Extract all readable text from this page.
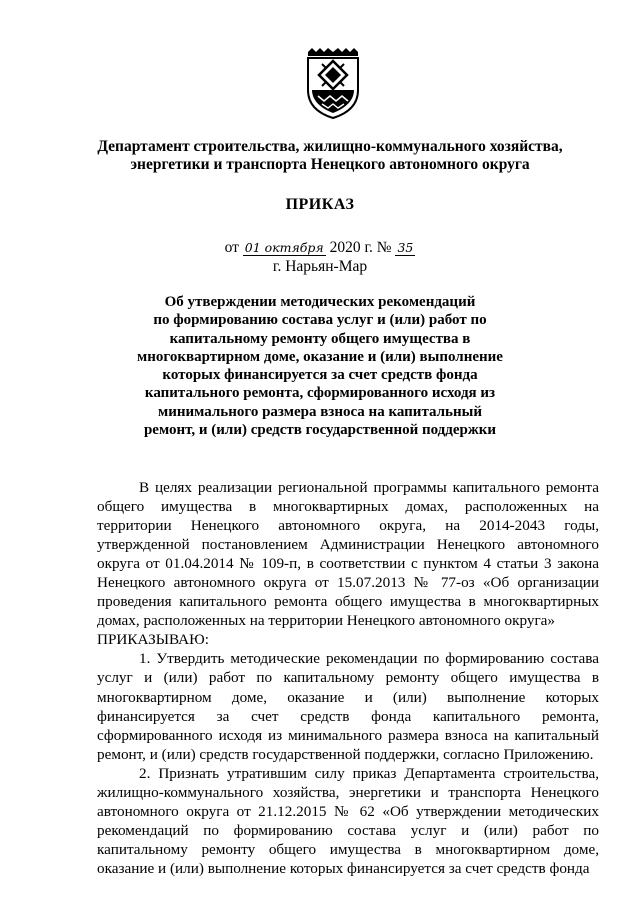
Департамент строительства, жилищно-коммунального хозяйства,
энергетики и транспорта Ненецкого автономного округа
ПРИКАЗ
от 01 октября 2020 г. № 35
г. Нарьян-Мар
Об утверждении методических рекомендаций
по формированию состава услуг и (или) работ по
капитальному ремонту общего имущества в
многоквартирном доме, оказание и (или) выполнение
которых финансируется за счет средств фонда
капитального ремонта, сформированного исходя из
минимального размера взноса на капитальный
ремонт, и (или) средств государственной поддержки

В целях реализации региональной программы капитального ремонта общего имущества в многоквартирных домах, расположенных на территории Ненецкого автономного округа, на 2014-2043 годы, утвержденной постановлением Администрации Ненецкого автономного округа от 01.04.2014 № 109-п, в соответствии с пунктом 4 статьи 3 закона Ненецкого автономного округа от 15.07.2013 № 77-оз «Об организации проведения капитального ремонта общего имущества в многоквартирных домах, расположенных на территории Ненецкого автономного округа»

ПРИКАЗЫВАЮ:

1. Утвердить методические рекомендации по формированию состава услуг и (или) работ по капитальному ремонту общего имущества в многоквартирном доме, оказание и (или) выполнение которых финансируется за счет средств фонда капитального ремонта, сформированного исходя из минимального размера взноса на капитальный ремонт, и (или) средств государственной поддержки, согласно Приложению.

2. Признать утратившим силу приказ Департамента строительства, жилищно-коммунального хозяйства, энергетики и транспорта Ненецкого автономного округа от 21.12.2015 № 62 «Об утверждении методических рекомендаций по формированию состава услуг и (или) работ по капитальному ремонту общего имущества в многоквартирном доме, оказание и (или) выполнение которых финансируется за счет средств фонда
